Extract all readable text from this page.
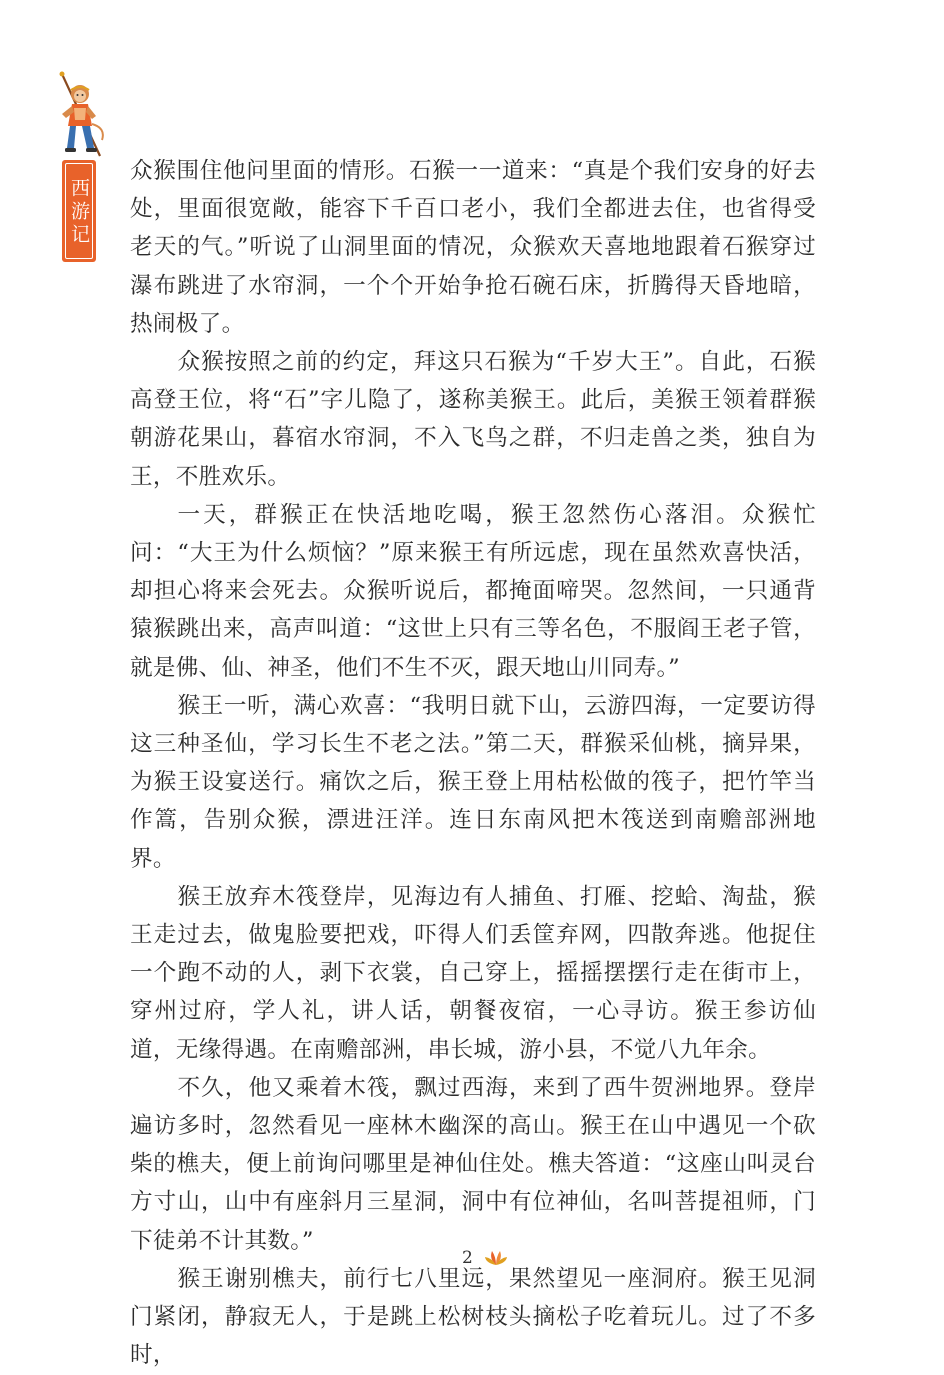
西游记

众猴围住他问里面的情形。石猴一一道来：“真是个我们安身的好去处，里面很宽敞，能容下千百口老小，我们全都进去住，也省得受老天的气。”听说了山洞里面的情况，众猴欢天喜地地跟着石猴穿过瀑布跳进了水帘洞，一个个开始争抢石碗石床，折腾得天昏地暗，热闹极了。

众猴按照之前的约定，拜这只石猴为“千岁大王”。自此，石猴高登王位，将“石”字儿隐了，遂称美猴王。此后，美猴王领着群猴朝游花果山，暮宿水帘洞，不入飞鸟之群，不归走兽之类，独自为王，不胜欢乐。

一天，群猴正在快活地吃喝，猴王忽然伤心落泪。众猴忙问：“大王为什么烦恼？”原来猴王有所远虑，现在虽然欢喜快活，却担心将来会死去。众猴听说后，都掩面啼哭。忽然间，一只通背猿猴跳出来，高声叫道：“这世上只有三等名色，不服阎王老子管，就是佛、仙、神圣，他们不生不灭，跟天地山川同寿。”

猴王一听，满心欢喜：“我明日就下山，云游四海，一定要访得这三种圣仙，学习长生不老之法。”第二天，群猴采仙桃，摘异果，为猴王设宴送行。痛饮之后，猴王登上用枯松做的筏子，把竹竿当作篙，告别众猴，漂进汪洋。连日东南风把木筏送到南赡部洲地界。

猴王放弃木筏登岸，见海边有人捕鱼、打雁、挖蛤、淘盐，猴王走过去，做鬼脸要把戏，吓得人们丢筐弃网，四散奔逃。他捉住一个跑不动的人，剥下衣裳，自己穿上，摇摇摆摆行走在街市上，穿州过府，学人礼，讲人话，朝餐夜宿，一心寻访。猴王参访仙道，无缘得遇。在南赡部洲，串长城，游小县，不觉八九年余。

不久，他又乘着木筏，飘过西海，来到了西牛贺洲地界。登岸遍访多时，忽然看见一座林木幽深的高山。猴王在山中遇见一个砍柴的樵夫，便上前询问哪里是神仙住处。樵夫答道：“这座山叫灵台方寸山，山中有座斜月三星洞，洞中有位神仙，名叫菩提祖师，门下徒弟不计其数。”

猴王谢别樵夫，前行七八里远，果然望见一座洞府。猴王见洞门紧闭，静寂无人，于是跳上松树枝头摘松子吃着玩儿。过了不多时，

2
